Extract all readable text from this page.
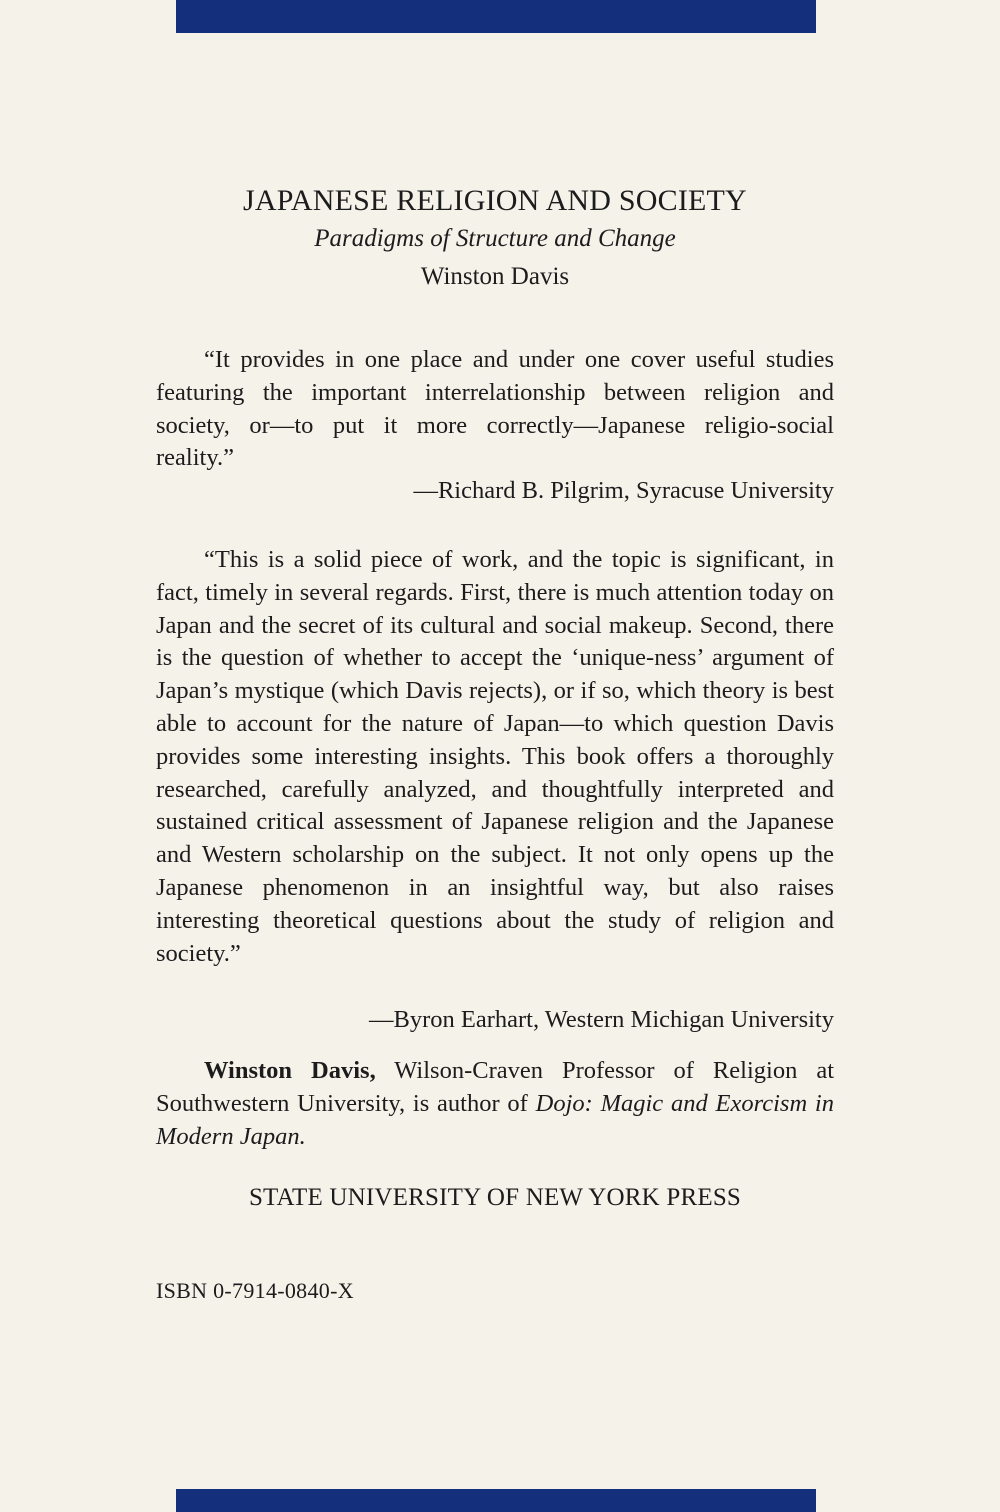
JAPANESE RELIGION AND SOCIETY
Paradigms of Structure and Change
Winston Davis

“It provides in one place and under one cover useful studies featuring the important interrelationship between religion and society, or—to put it more correctly—Japanese religio-social reality.”

—Richard B. Pilgrim, Syracuse University

“This is a solid piece of work, and the topic is significant, in fact, timely in several regards. First, there is much attention today on Japan and the secret of its cultural and social makeup. Second, there is the question of whether to accept the ‘unique-ness’ argument of Japan’s mystique (which Davis rejects), or if so, which theory is best able to account for the nature of Japan—to which question Davis provides some interesting insights. This book offers a thoroughly researched, carefully analyzed, and thoughtfully interpreted and sustained critical assessment of Japanese religion and the Japanese and Western scholarship on the subject. It not only opens up the Japanese phenomenon in an insightful way, but also raises interesting theoretical questions about the study of religion and society.”

—Byron Earhart, Western Michigan University

Winston Davis, Wilson-Craven Professor of Religion at Southwestern University, is author of Dojo: Magic and Exorcism in Modern Japan.

STATE UNIVERSITY OF NEW YORK PRESS
ISBN 0-7914-0840-X
